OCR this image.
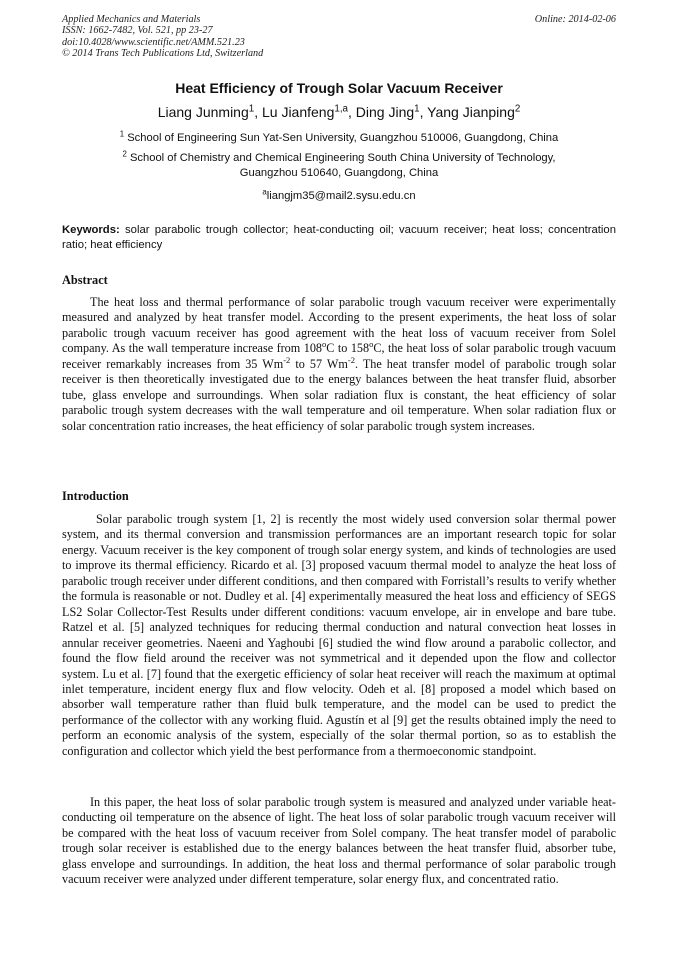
Applied Mechanics and Materials
ISSN: 1662-7482, Vol. 521, pp 23-27
doi:10.4028/www.scientific.net/AMM.521.23
© 2014 Trans Tech Publications Ltd, Switzerland
Online: 2014-02-06
Heat Efficiency of Trough Solar Vacuum Receiver
Liang Junming$^1$, Lu Jianfeng$^{1,a}$, Ding Jing$^1$, Yang Jianping$^2$
$^1$ School of Engineering Sun Yat-Sen University, Guangzhou 510006, Guangdong, China
$^2$ School of Chemistry and Chemical Engineering South China University of Technology,
Guangzhou 510640, Guangdong, China
$^a$liangjm35@mail2.sysu.edu.cn
Keywords: solar parabolic trough collector; heat-conducting oil; vacuum receiver; heat loss; concentration ratio; heat efficiency
Abstract
The heat loss and thermal performance of solar parabolic trough vacuum receiver were experimentally measured and analyzed by heat transfer model. According to the present experiments, the heat loss of solar parabolic trough vacuum receiver has good agreement with the heat loss of vacuum receiver from Solel company. As the wall temperature increase from 108$^o$C to 158$^o$C, the heat loss of solar parabolic trough vacuum receiver remarkably increases from 35 $Wm^{-2}$ to 57 $Wm^{-2}$. The heat transfer model of parabolic trough solar receiver is then theoretically investigated due to the energy balances between the heat transfer fluid, absorber tube, glass envelope and surroundings. When solar radiation flux is constant, the heat efficiency of solar parabolic trough system decreases with the wall temperature and oil temperature. When solar radiation flux or solar concentration ratio increases, the heat efficiency of solar parabolic trough system increases.
Introduction
Solar parabolic trough system [1, 2] is recently the most widely used conversion solar thermal power system, and its thermal conversion and transmission performances are an important research topic for solar energy. Vacuum receiver is the key component of trough solar energy system, and kinds of technologies are used to improve its thermal efficiency. Ricardo et al. [3] proposed vacuum thermal model to analyze the heat loss of parabolic trough receiver under different conditions, and then compared with Forristall’s results to verify whether the formula is reasonable or not. Dudley et al. [4] experimentally measured the heat loss and efficiency of SEGS LS2 Solar Collector-Test Results under different conditions: vacuum envelope, air in envelope and bare tube. Ratzel et al. [5] analyzed techniques for reducing thermal conduction and natural convection heat losses in annular receiver geometries. Naeeni and Yaghoubi [6] studied the wind flow around a parabolic collector, and found the flow field around the receiver was not symmetrical and it depended upon the flow and collector system. Lu et al. [7] found that the exergetic efficiency of solar heat receiver will reach the maximum at optimal inlet temperature, incident energy flux and flow velocity. Odeh et al. [8] proposed a model which based on absorber wall temperature rather than fluid bulk temperature, and the model can be used to predict the performance of the collector with any working fluid. Agustín et al [9] get the results obtained imply the need to perform an economic analysis of the system, especially of the solar thermal portion, so as to establish the configuration and collector which yield the best performance from a thermoeconomic standpoint.
In this paper, the heat loss of solar parabolic trough system is measured and analyzed under variable heat-conducting oil temperature on the absence of light. The heat loss of solar parabolic trough vacuum receiver will be compared with the heat loss of vacuum receiver from Solel company. The heat transfer model of parabolic trough solar receiver is established due to the energy balances between the heat transfer fluid, absorber tube, glass envelope and surroundings. In addition, the heat loss and thermal performance of solar parabolic trough vacuum receiver were analyzed under different temperature, solar energy flux, and concentrated ratio.
